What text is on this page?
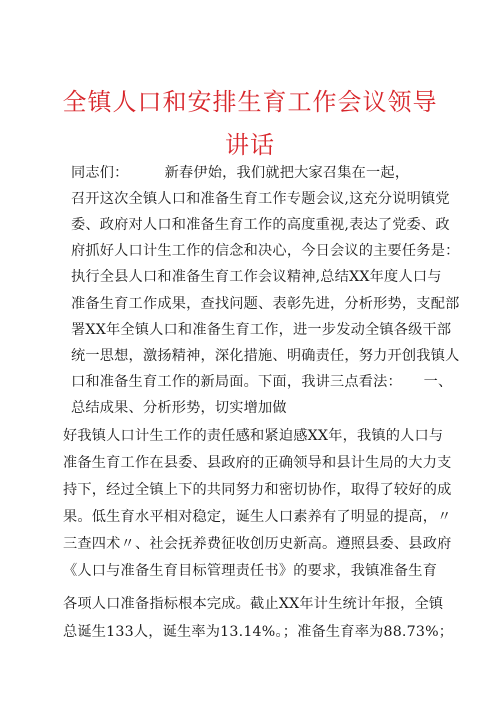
全镇人口和安排生育工作会议领导
讲话
同志们：　　　新春伊始，我们就把大家召集在一起，
召开这次全镇人口和准备生育工作专题会议,这充分说明镇党
委、政府对人口和准备生育工作的高度重视,表达了党委、政
府抓好人口计生工作的信念和决心，今日会议的主要任务是：
执行全县人口和准备生育工作会议精神,总结XX年度人口与
准备生育工作成果，查找问题、表彰先进，分析形势，支配部
署XX年全镇人口和准备生育工作，进一步发动全镇各级干部
统一思想，激扬精神，深化措施、明确责任，努力开创我镇人
口和准备生育工作的新局面。下面，我讲三点看法：　　一、
总结成果、分析形势，切实增加做
好我镇人口计生工作的责任感和紧迫感XX年，我镇的人口与
准备生育工作在县委、县政府的正确领导和县计生局的大力支
持下，经过全镇上下的共同努力和密切协作，取得了较好的成
果。低生育水平相对稳定，诞生人口素养有了明显的提高，〃
三查四术〃、社会抚养费征收创历史新高。遵照县委、县政府
《人口与准备生育目标管理责任书》的要求，我镇准备生育
各项人口准备指标根本完成。截止XX年计生统计年报，全镇
总诞生133人，诞生率为13.14%。；准备生育率为88.73%；
